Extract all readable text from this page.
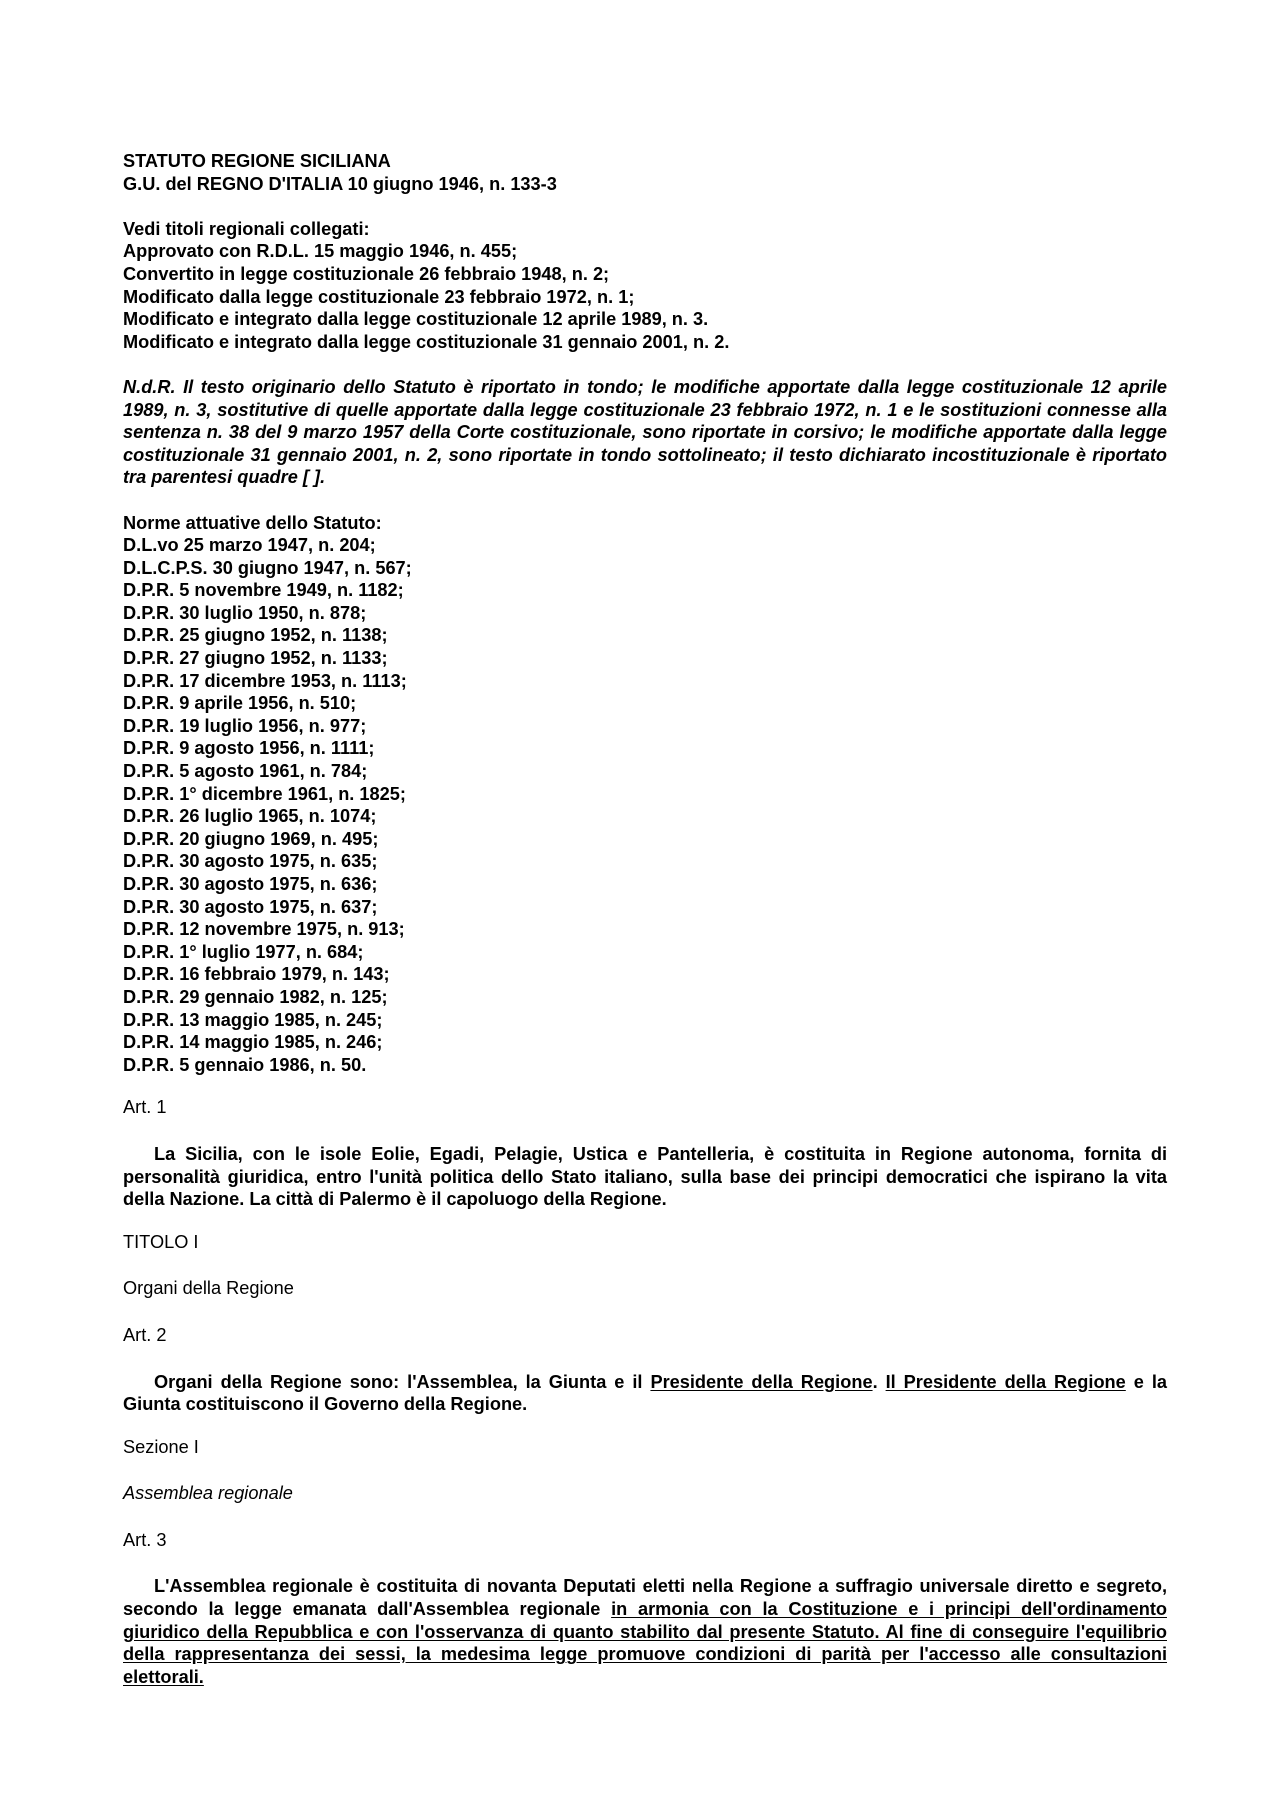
STATUTO REGIONE SICILIANA

G.U. del REGNO D'ITALIA 10 giugno 1946, n. 133-3

Vedi titoli regionali collegati:

Approvato con R.D.L. 15 maggio 1946, n. 455;

Convertito in legge costituzionale 26 febbraio 1948, n. 2;

Modificato dalla legge costituzionale 23 febbraio 1972, n. 1;

Modificato e integrato dalla legge costituzionale 12 aprile 1989, n. 3.

Modificato e integrato dalla legge costituzionale 31 gennaio 2001, n. 2.

N.d.R. Il testo originario dello Statuto è riportato in tondo; le modifiche apportate dalla legge costituzionale 12 aprile 1989, n. 3, sostitutive di quelle apportate dalla legge costituzionale 23 febbraio 1972, n. 1 e le sostituzioni connesse alla sentenza n. 38 del 9 marzo 1957 della Corte costituzionale, sono riportate in corsivo; le modifiche apportate dalla legge costituzionale 31 gennaio 2001, n. 2, sono riportate in tondo sottolineato; il testo dichiarato incostituzionale è riportato tra parentesi quadre [ ].

Norme attuative dello Statuto:

D.L.vo 25 marzo 1947, n. 204;

D.L.C.P.S. 30 giugno 1947, n. 567;

D.P.R. 5 novembre 1949, n. 1182;

D.P.R. 30 luglio 1950, n. 878;

D.P.R. 25 giugno 1952, n. 1138;

D.P.R. 27 giugno 1952, n. 1133;

D.P.R. 17 dicembre 1953, n. 1113;

D.P.R. 9 aprile 1956, n. 510;

D.P.R. 19 luglio 1956, n. 977;

D.P.R. 9 agosto 1956, n. 1111;

D.P.R. 5 agosto 1961, n. 784;

D.P.R. 1° dicembre 1961, n. 1825;

D.P.R. 26 luglio 1965, n. 1074;

D.P.R. 20 giugno 1969, n. 495;

D.P.R. 30 agosto 1975, n. 635;

D.P.R. 30 agosto 1975, n. 636;

D.P.R. 30 agosto 1975, n. 637;

D.P.R. 12 novembre 1975, n. 913;

D.P.R. 1° luglio 1977, n. 684;

D.P.R. 16 febbraio 1979, n. 143;

D.P.R. 29 gennaio 1982, n. 125;

D.P.R. 13 maggio 1985, n. 245;

D.P.R. 14 maggio 1985, n. 246;

D.P.R. 5 gennaio 1986, n. 50.

Art. 1

La Sicilia, con le isole Eolie, Egadi, Pelagie, Ustica e Pantelleria, è costituita in Regione autonoma, fornita di personalità giuridica, entro l'unità politica dello Stato italiano, sulla base dei principi democratici che ispirano la vita della Nazione. La città di Palermo è il capoluogo della Regione.

TITOLO I

Organi della Regione

Art. 2

Organi della Regione sono: l'Assemblea, la Giunta e il Presidente della Regione. Il Presidente della Regione e la Giunta costituiscono il Governo della Regione.

Sezione I

Assemblea regionale

Art. 3

L'Assemblea regionale è costituita di novanta Deputati eletti nella Regione a suffragio universale diretto e segreto, secondo la legge emanata dall'Assemblea regionale in armonia con la Costituzione e i principi dell'ordinamento giuridico della Repubblica e con l'osservanza di quanto stabilito dal presente Statuto. Al fine di conseguire l'equilibrio della rappresentanza dei sessi, la medesima legge promuove condizioni di parità per l'accesso alle consultazioni elettorali.
